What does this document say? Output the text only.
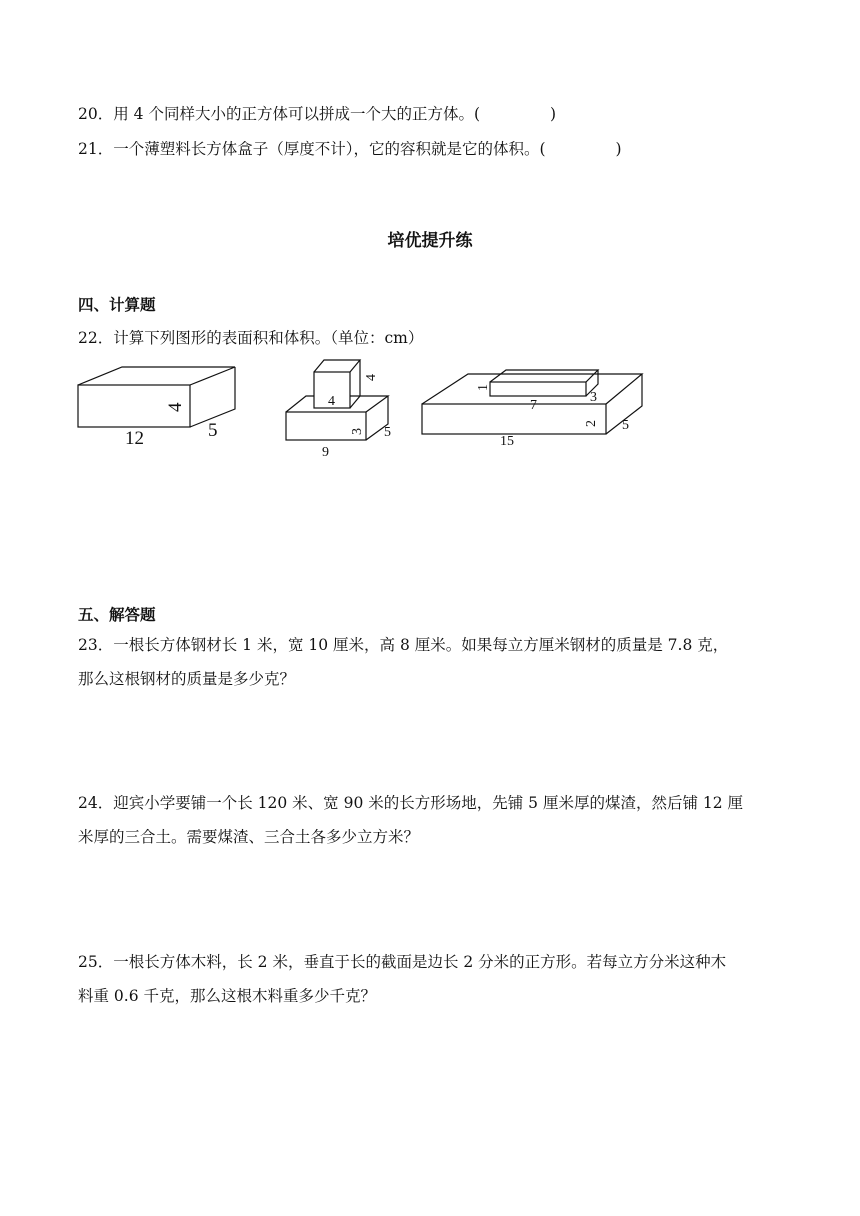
20．用 4 个同样大小的正方体可以拼成一个大的正方体。(	)
21．一个薄塑料长方体盒子（厚度不计），它的容积就是它的体积。(	)
培优提升练
四、计算题
22．计算下列图形的表面积和体积。（单位：cm）
4
12	5
4
4
3 5
9
1
7
3
2 5
15
五、解答题
23．一根长方体钢材长 1 米，宽 10 厘米，高 8 厘米。如果每立方厘米钢材的质量是 7.8 克，
那么这根钢材的质量是多少克？
24．迎宾小学要铺一个长 120 米、宽 90 米的长方形场地，先铺 5 厘米厚的煤渣，然后铺 12 厘
米厚的三合土。需要煤渣、三合土各多少立方米？
25．一根长方体木料，长 2 米，垂直于长的截面是边长 2 分米的正方形。若每立方分米这种木
料重 0.6 千克，那么这根木料重多少千克？
